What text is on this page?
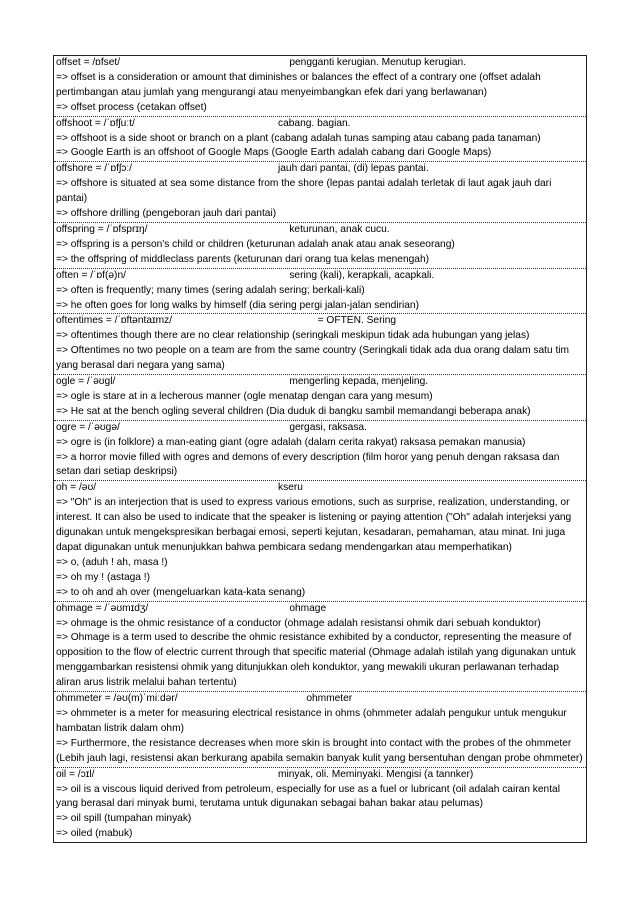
offset = /ɒfset/	pengganti kerugian. Menutup kerugian.
=> offset is a consideration or amount that diminishes or balances the effect of a contrary one (offset adalah pertimbangan atau jumlah yang mengurangi atau menyeimbangkan efek dari yang berlawanan)
=> offset process (cetakan offset)
offshoot = /ˈɒfʃuːt/	cabang. bagian.
=> offshoot is a side shoot or branch on a plant (cabang adalah tunas samping atau cabang pada tanaman)
=> Google Earth is an offshoot of Google Maps (Google Earth adalah cabang dari Google Maps)
offshore = /ˈɒfʃɔː/	jauh dari pantai, (di) lepas pantai.
=> offshore is situated at sea some distance from the shore (lepas pantai adalah terletak di laut agak jauh dari pantai)
=> offshore drilling (pengeboran jauh dari pantai)
offspring = /ˈɒfsprɪŋ/	keturunan, anak cucu.
=> offspring is a person's child or children (keturunan adalah anak atau anak seseorang)
=> the offspring of middleclass parents (keturunan dari orang tua kelas menengah)
often = /ˈɒf(ə)n/	sering (kali), kerapkali, acapkali.
=> often is frequently; many times (sering adalah sering; berkali-kali)
=> he often goes for long walks by himself (dia sering pergi jalan-jalan sendirian)
oftentimes = /ˈɒftəntaɪmz/	= OFTEN. Sering
=> oftentimes though there are no clear relationship (seringkali meskipun tidak ada hubungan yang jelas)
=> Oftentimes no two people on a team are from the same country (Seringkali tidak ada dua orang dalam satu tim yang berasal dari negara yang sama)
ogle = /ˈəʊgl/	mengerling kepada, menjeling.
=> ogle is stare at in a lecherous manner (ogle menatap dengan cara yang mesum)
=> He sat at the bench ogling several children (Dia duduk di bangku sambil memandangi beberapa anak)
ogre = /ˈəʊgə/	gergasi, raksasa.
=> ogre is (in folklore) a man-eating giant (ogre adalah (dalam cerita rakyat) raksasa pemakan manusia)
=> a horror movie filled with ogres and demons of every description (film horor yang penuh dengan raksasa dan setan dari setiap deskripsi)
oh = /əʊ/	kseru
=> "Oh" is an interjection that is used to express various emotions, such as surprise, realization, understanding, or interest. It can also be used to indicate that the speaker is listening or paying attention ("Oh" adalah interjeksi yang digunakan untuk mengekspresikan berbagai emosi, seperti kejutan, kesadaran, pemahaman, atau minat. Ini juga dapat digunakan untuk menunjukkan bahwa pembicara sedang mendengarkan atau memperhatikan)
=> o, (aduh ! ah, masa !)
=> oh my ! (astaga !)
=> to oh and ah over (mengeluarkan kata-kata senang)
ohmage = /ˈəʊmɪdʒ/	ohmage
=> ohmage is the ohmic resistance of a conductor (ohmage adalah resistansi ohmik dari sebuah konduktor)
=> Ohmage is a term used to describe the ohmic resistance exhibited by a conductor, representing the measure of opposition to the flow of electric current through that specific material (Ohmage adalah istilah yang digunakan untuk menggambarkan resistensi ohmik yang ditunjukkan oleh konduktor, yang mewakili ukuran perlawanan terhadap aliran arus listrik melalui bahan tertentu)
ohmmeter = /əʊ(m)ˈmiːdər/	ohmmeter
=> ohmmeter is a meter for measuring electrical resistance in ohms (ohmmeter adalah pengukur untuk mengukur hambatan listrik dalam ohm)
=> Furthermore, the resistance decreases when more skin is brought into contact with the probes of the ohmmeter (Lebih jauh lagi, resistensi akan berkurang apabila semakin banyak kulit yang bersentuhan dengan probe ohmmeter)
oil = /ɔɪl/	minyak, oli. Meminyaki. Mengisi (a tannker)
=> oil is a viscous liquid derived from petroleum, especially for use as a fuel or lubricant (oil adalah cairan kental yang berasal dari minyak bumi, terutama untuk digunakan sebagai bahan bakar atau pelumas)
=> oil spill (tumpahan minyak)
=> oiled (mabuk)
